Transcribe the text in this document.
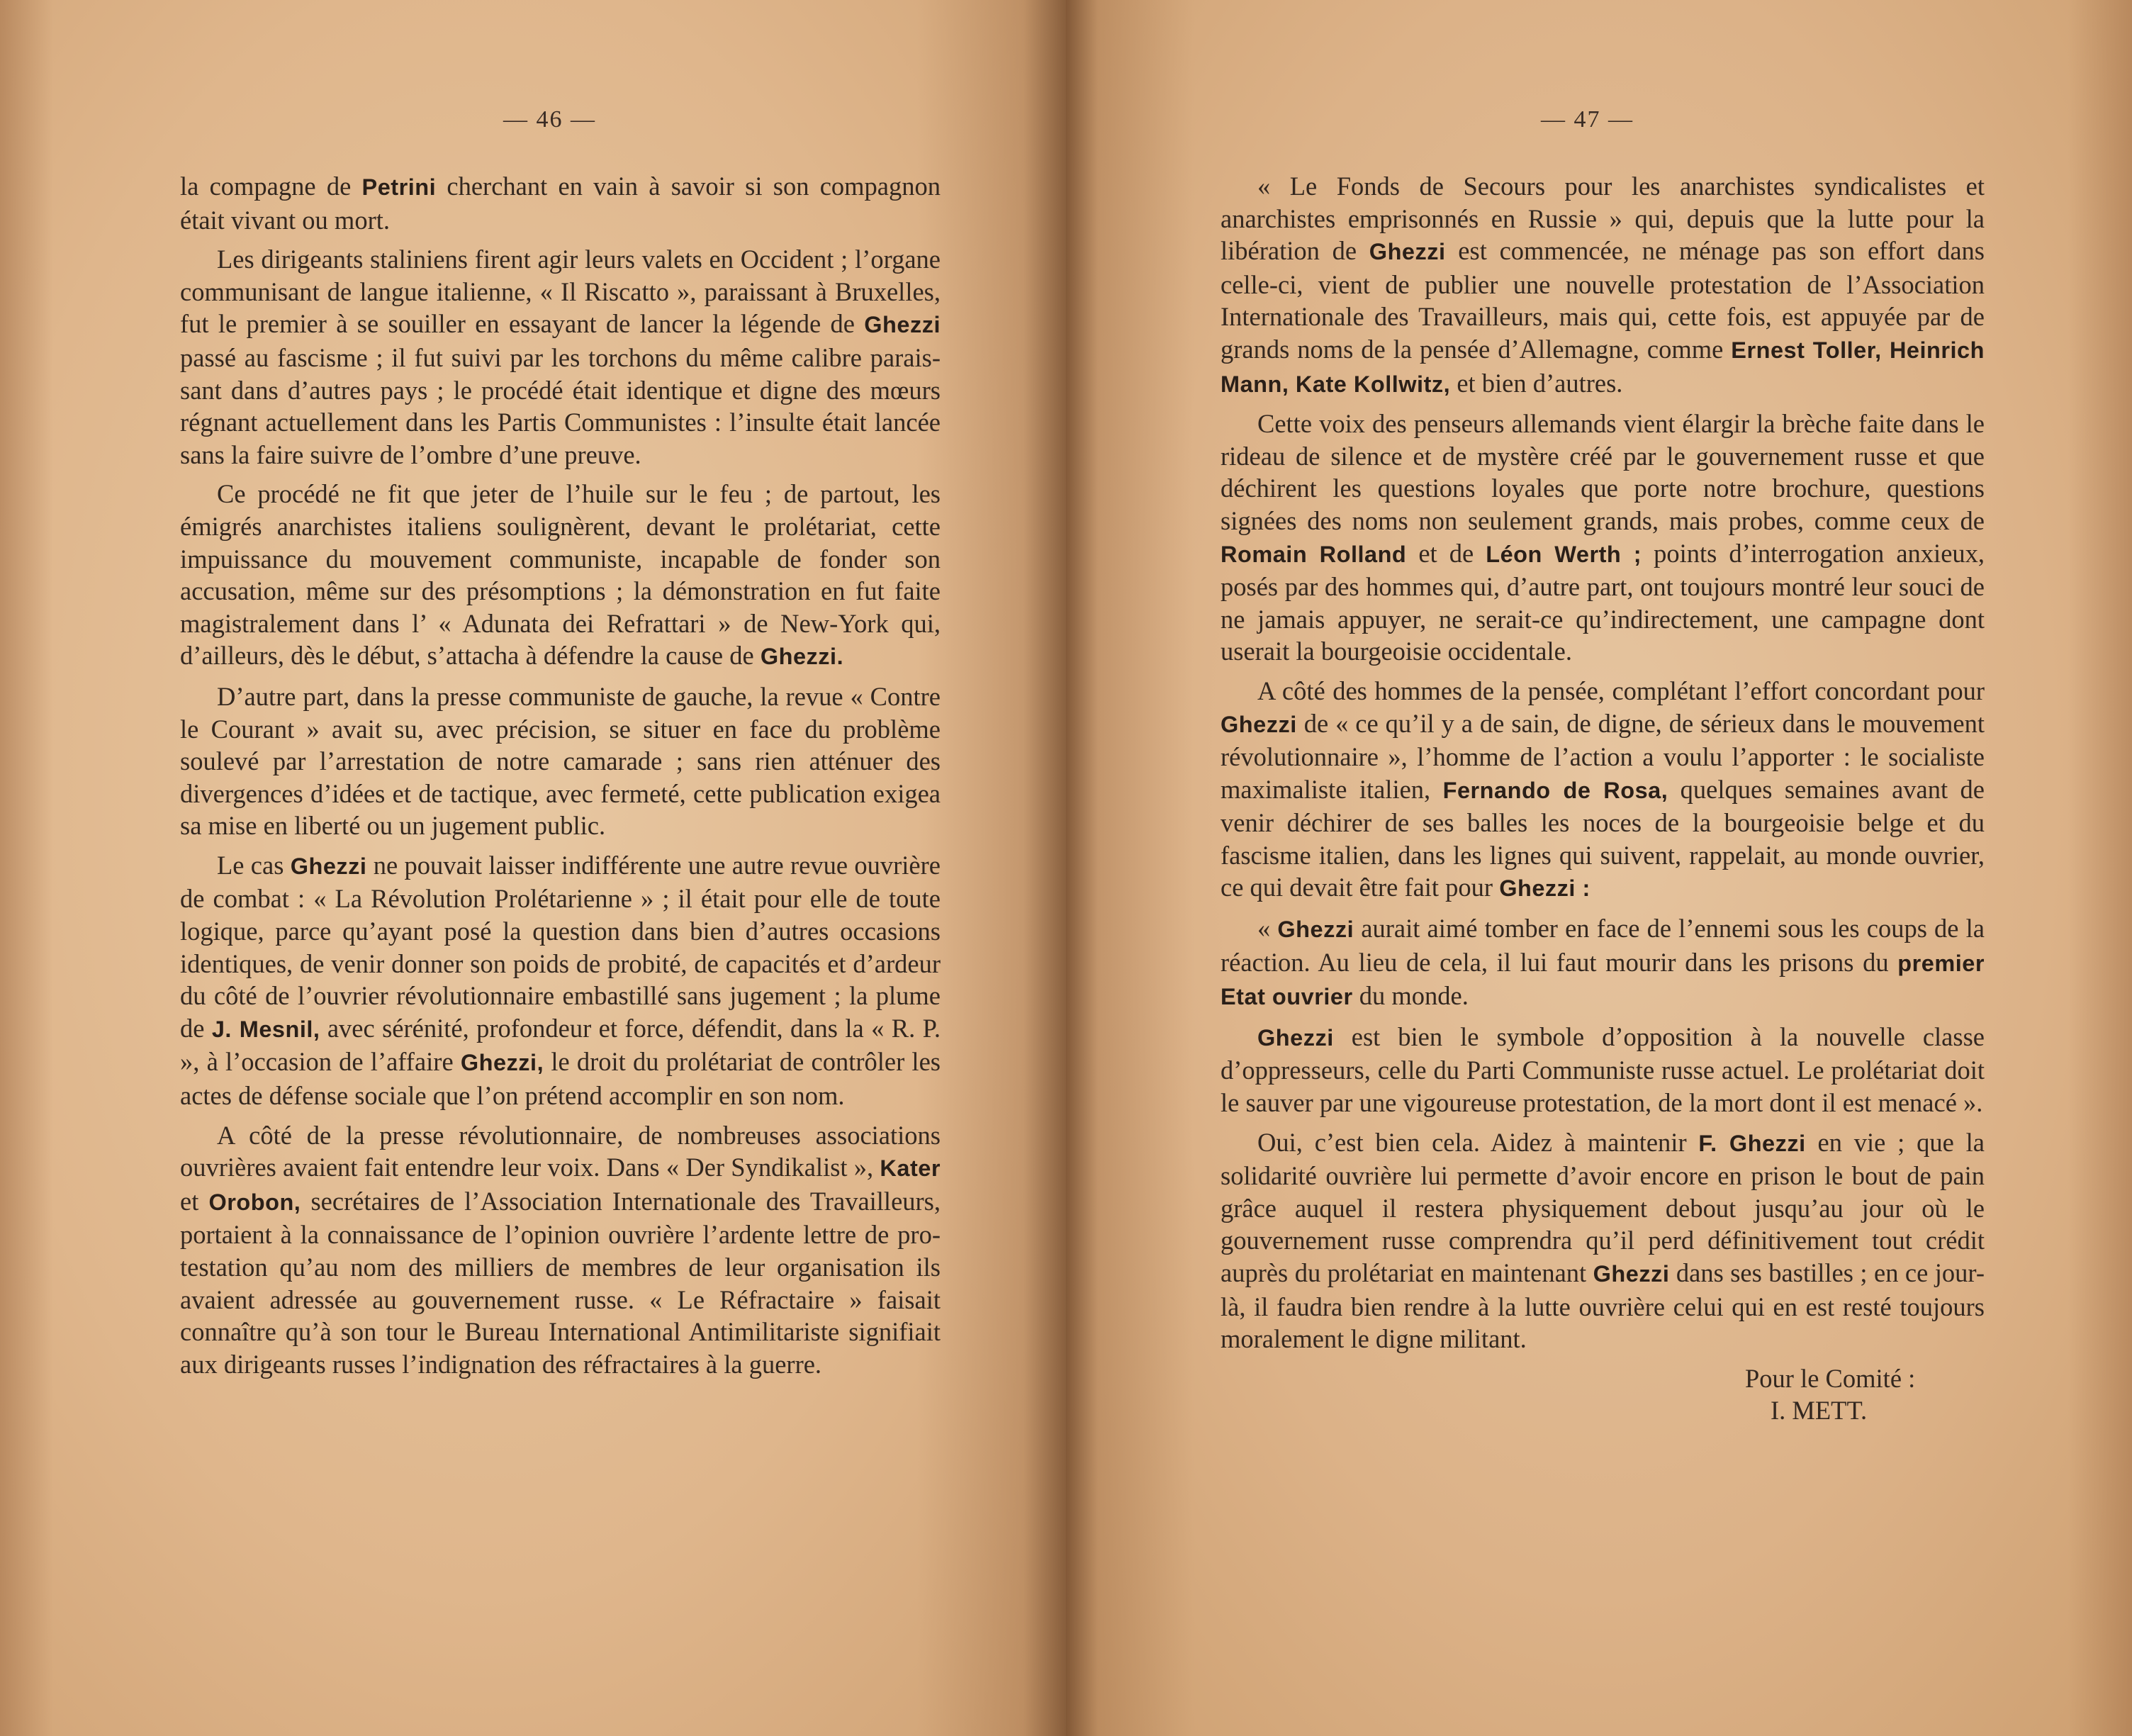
— 46 —

la compagne de Petrini cherchant en vain à savoir si son compagnon était vivant ou mort.

Les dirigeants staliniens firent agir leurs valets en Occident ; l’organe communisant de langue italienne, « Il Riscatto », paraissant à Bruxelles, fut le premier à se souiller en essayant de lancer la légende de Ghezzi passé au fascisme ; il fut suivi par les torchons du même calibre paraissant dans d’autres pays ; le procédé était identique et digne des mœurs régnant actuellement dans les Partis Communistes : l’insulte était lancée sans la faire suivre de l’ombre d’une preuve.

Ce procédé ne fit que jeter de l’huile sur le feu ; de partout, les émigrés anarchistes italiens soulignèrent, devant le prolétariat, cette impuissance du mouvement communiste, incapable de fonder son accusation, même sur des présomptions ; la démonstration en fut faite magistralement dans l’ « Adunata dei Refrattari » de New-York qui, d’ailleurs, dès le début, s’attacha à défendre la cause de Ghezzi.

D’autre part, dans la presse communiste de gauche, la revue « Contre le Courant » avait su, avec précision, se situer en face du problème soulevé par l’arrestation de notre camarade ; sans rien atténuer des divergences d’idées et de tactique, avec fermeté, cette publication exigea sa mise en liberté ou un jugement public.

Le cas Ghezzi ne pouvait laisser indifférente une autre revue ouvrière de combat : « La Révolution Prolétarienne » ; il était pour elle de toute logique, parce qu’ayant posé la question dans bien d’autres occasions identiques, de venir donner son poids de probité, de capacités et d’ardeur du côté de l’ouvrier révolutionnaire embastillé sans jugement ; la plume de J. Mesnil, avec sérénité, profondeur et force, défendit, dans la « R. P. », à l’occasion de l’affaire Ghezzi, le droit du prolétariat de contrôler les actes de défense sociale que l’on prétend accomplir en son nom.

A côté de la presse révolutionnaire, de nombreuses associations ouvrières avaient fait entendre leur voix. Dans « Der Syndikalist », Kater et Orobon, secrétaires de l’Association Internationale des Travailleurs, portaient à la connaissance de l’opinion ouvrière l’ardente lettre de protestation qu’au nom des milliers de membres de leur organisation ils avaient adressée au gouvernement russe. « Le Réfractaire » faisait connaître qu’à son tour le Bureau International Antimilitariste signifiait aux dirigeants russes l’indignation des réfractaires à la guerre.

— 47 —

« Le Fonds de Secours pour les anarchistes syndicalistes et anarchistes emprisonnés en Russie » qui, depuis que la lutte pour la libération de Ghezzi est commencée, ne ménage pas son effort dans celle-ci, vient de publier une nouvelle protestation de l’Association Internationale des Travailleurs, mais qui, cette fois, est appuyée par de grands noms de la pensée d’Allemagne, comme Ernest Toller, Heinrich Mann, Kate Kollwitz, et bien d’autres.

Cette voix des penseurs allemands vient élargir la brèche faite dans le rideau de silence et de mystère créé par le gouvernement russe et que déchirent les questions loyales que porte notre brochure, questions signées des noms non seulement grands, mais probes, comme ceux de Romain Rolland et de Léon Werth ; points d’interrogation anxieux, posés par des hommes qui, d’autre part, ont toujours montré leur souci de ne jamais appuyer, ne serait-ce qu’indirectement, une campagne dont userait la bourgeoisie occidentale.

A côté des hommes de la pensée, complétant l’effort concordant pour Ghezzi de « ce qu’il y a de sain, de digne, de sérieux dans le mouvement révolutionnaire », l’homme de l’action a voulu l’apporter : le socialiste maximaliste italien, Fernando de Rosa, quelques semaines avant de venir déchirer de ses balles les noces de la bourgeoisie belge et du fascisme italien, dans les lignes qui suivent, rappelait, au monde ouvrier, ce qui devait être fait pour Ghezzi :

« Ghezzi aurait aimé tomber en face de l’ennemi sous les coups de la réaction. Au lieu de cela, il lui faut mourir dans les prisons du premier Etat ouvrier du monde.

Ghezzi est bien le symbole d’opposition à la nouvelle classe d’oppresseurs, celle du Parti Communiste russe actuel. Le prolétariat doit le sauver par une vigoureuse protestation, de la mort dont il est menacé ».

Oui, c’est bien cela. Aidez à maintenir F. Ghezzi en vie ; que la solidarité ouvrière lui permette d’avoir encore en prison le bout de pain grâce auquel il restera physiquement debout jusqu’au jour où le gouvernement russe comprendra qu’il perd définitivement tout crédit auprès du prolétariat en maintenant Ghezzi dans ses bastilles ; en ce jour-là, il faudra bien rendre à la lutte ouvrière celui qui en est resté toujours moralement le digne militant.

Pour le Comité :

I. METT.
